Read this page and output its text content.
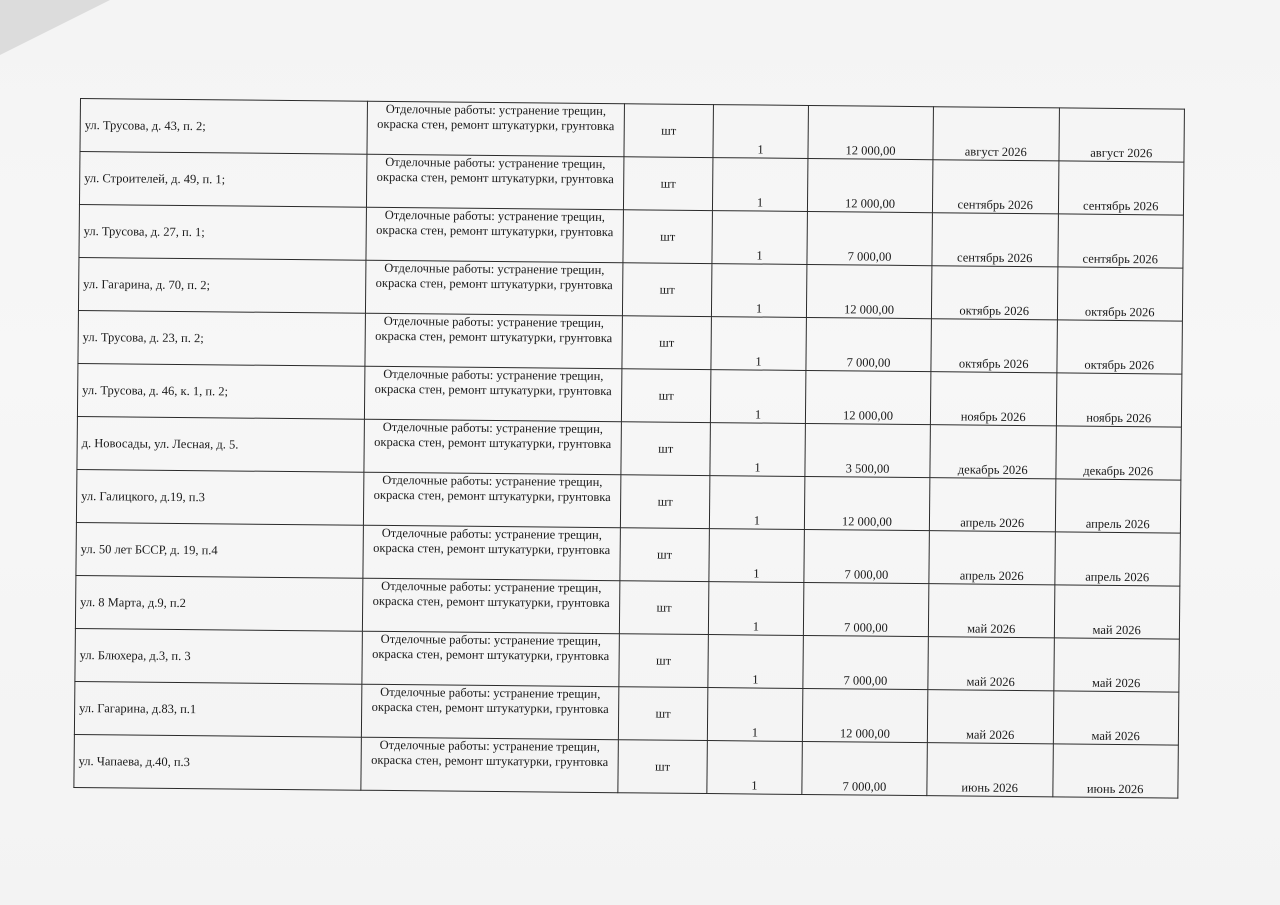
ул. Трусова, д. 43, п. 2;	Отделочные работы: устранение трещин, окраска стен, ремонт штукатурки, грунтовка	шт	1	12 000,00	август 2026	август 2026
ул. Строителей, д. 49, п. 1;	Отделочные работы: устранение трещин, окраска стен, ремонт штукатурки, грунтовка	шт	1	12 000,00	сентябрь 2026	сентябрь 2026
ул. Трусова, д. 27, п. 1;	Отделочные работы: устранение трещин, окраска стен, ремонт штукатурки, грунтовка	шт	1	7 000,00	сентябрь 2026	сентябрь 2026
ул. Гагарина, д. 70, п. 2;	Отделочные работы: устранение трещин, окраска стен, ремонт штукатурки, грунтовка	шт	1	12 000,00	октябрь 2026	октябрь 2026
ул. Трусова, д. 23, п. 2;	Отделочные работы: устранение трещин, окраска стен, ремонт штукатурки, грунтовка	шт	1	7 000,00	октябрь 2026	октябрь 2026
ул. Трусова, д. 46, к. 1, п. 2;	Отделочные работы: устранение трещин, окраска стен, ремонт штукатурки, грунтовка	шт	1	12 000,00	ноябрь 2026	ноябрь 2026
д. Новосады, ул. Лесная, д. 5.	Отделочные работы: устранение трещин, окраска стен, ремонт штукатурки, грунтовка	шт	1	3 500,00	декабрь 2026	декабрь 2026
ул. Галицкого, д.19, п.3	Отделочные работы: устранение трещин, окраска стен, ремонт штукатурки, грунтовка	шт	1	12 000,00	апрель 2026	апрель 2026
ул. 50 лет БССР, д. 19, п.4	Отделочные работы: устранение трещин, окраска стен, ремонт штукатурки, грунтовка	шт	1	7 000,00	апрель 2026	апрель 2026
ул. 8 Марта, д.9, п.2	Отделочные работы: устранение трещин, окраска стен, ремонт штукатурки, грунтовка	шт	1	7 000,00	май 2026	май 2026
ул. Блюхера, д.3, п. 3	Отделочные работы: устранение трещин, окраска стен, ремонт штукатурки, грунтовка	шт	1	7 000,00	май 2026	май 2026
ул. Гагарина, д.83, п.1	Отделочные работы: устранение трещин, окраска стен, ремонт штукатурки, грунтовка	шт	1	12 000,00	май 2026	май 2026
ул. Чапаева, д.40, п.3	Отделочные работы: устранение трещин, окраска стен, ремонт штукатурки, грунтовка	шт	1	7 000,00	июнь 2026	июнь 2026
